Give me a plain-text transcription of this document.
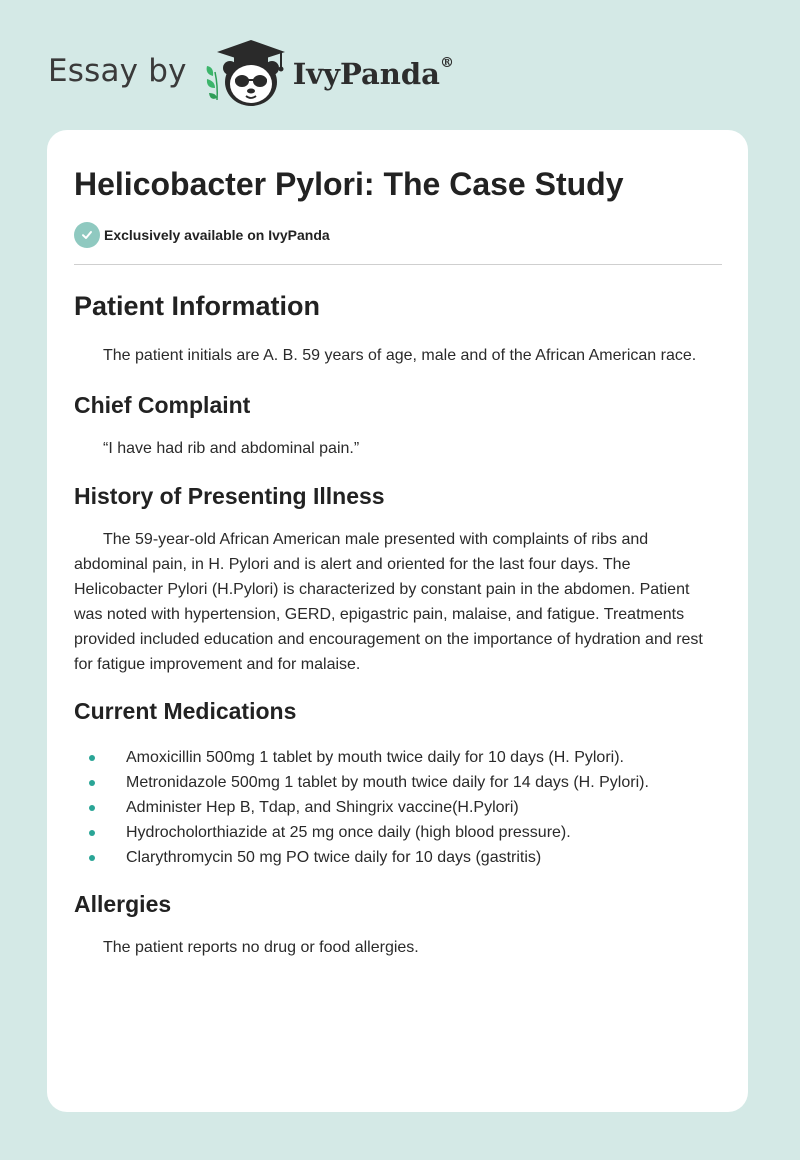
Essay by	IvyPanda®
Helicobacter Pylori: The Case Study
Exclusively available on IvyPanda
Patient Information

The patient initials are A. B. 59 years of age, male and of the African American race.

Chief Complaint

“I have had rib and abdominal pain.”

History of Presenting Illness

The 59-year-old African American male presented with complaints of ribs and abdominal pain, in H. Pylori and is alert and oriented for the last four days. The Helicobacter Pylori (H.Pylori) is characterized by constant pain in the abdomen. Patient was noted with hypertension, GERD, epigastric pain, malaise, and fatigue. Treatments provided included education and encouragement on the importance of hydration and rest for fatigue improvement and for malaise.

Current Medications
Amoxicillin 500mg 1 tablet by mouth twice daily for 10 days (H. Pylori).
Metronidazole 500mg 1 tablet by mouth twice daily for 14 days (H. Pylori).
Administer Hep B, Tdap, and Shingrix vaccine(H.Pylori)
Hydrocholorthiazide at 25 mg once daily (high blood pressure).
Clarythromycin 50 mg PO twice daily for 10 days (gastritis)
Allergies

The patient reports no drug or food allergies.
